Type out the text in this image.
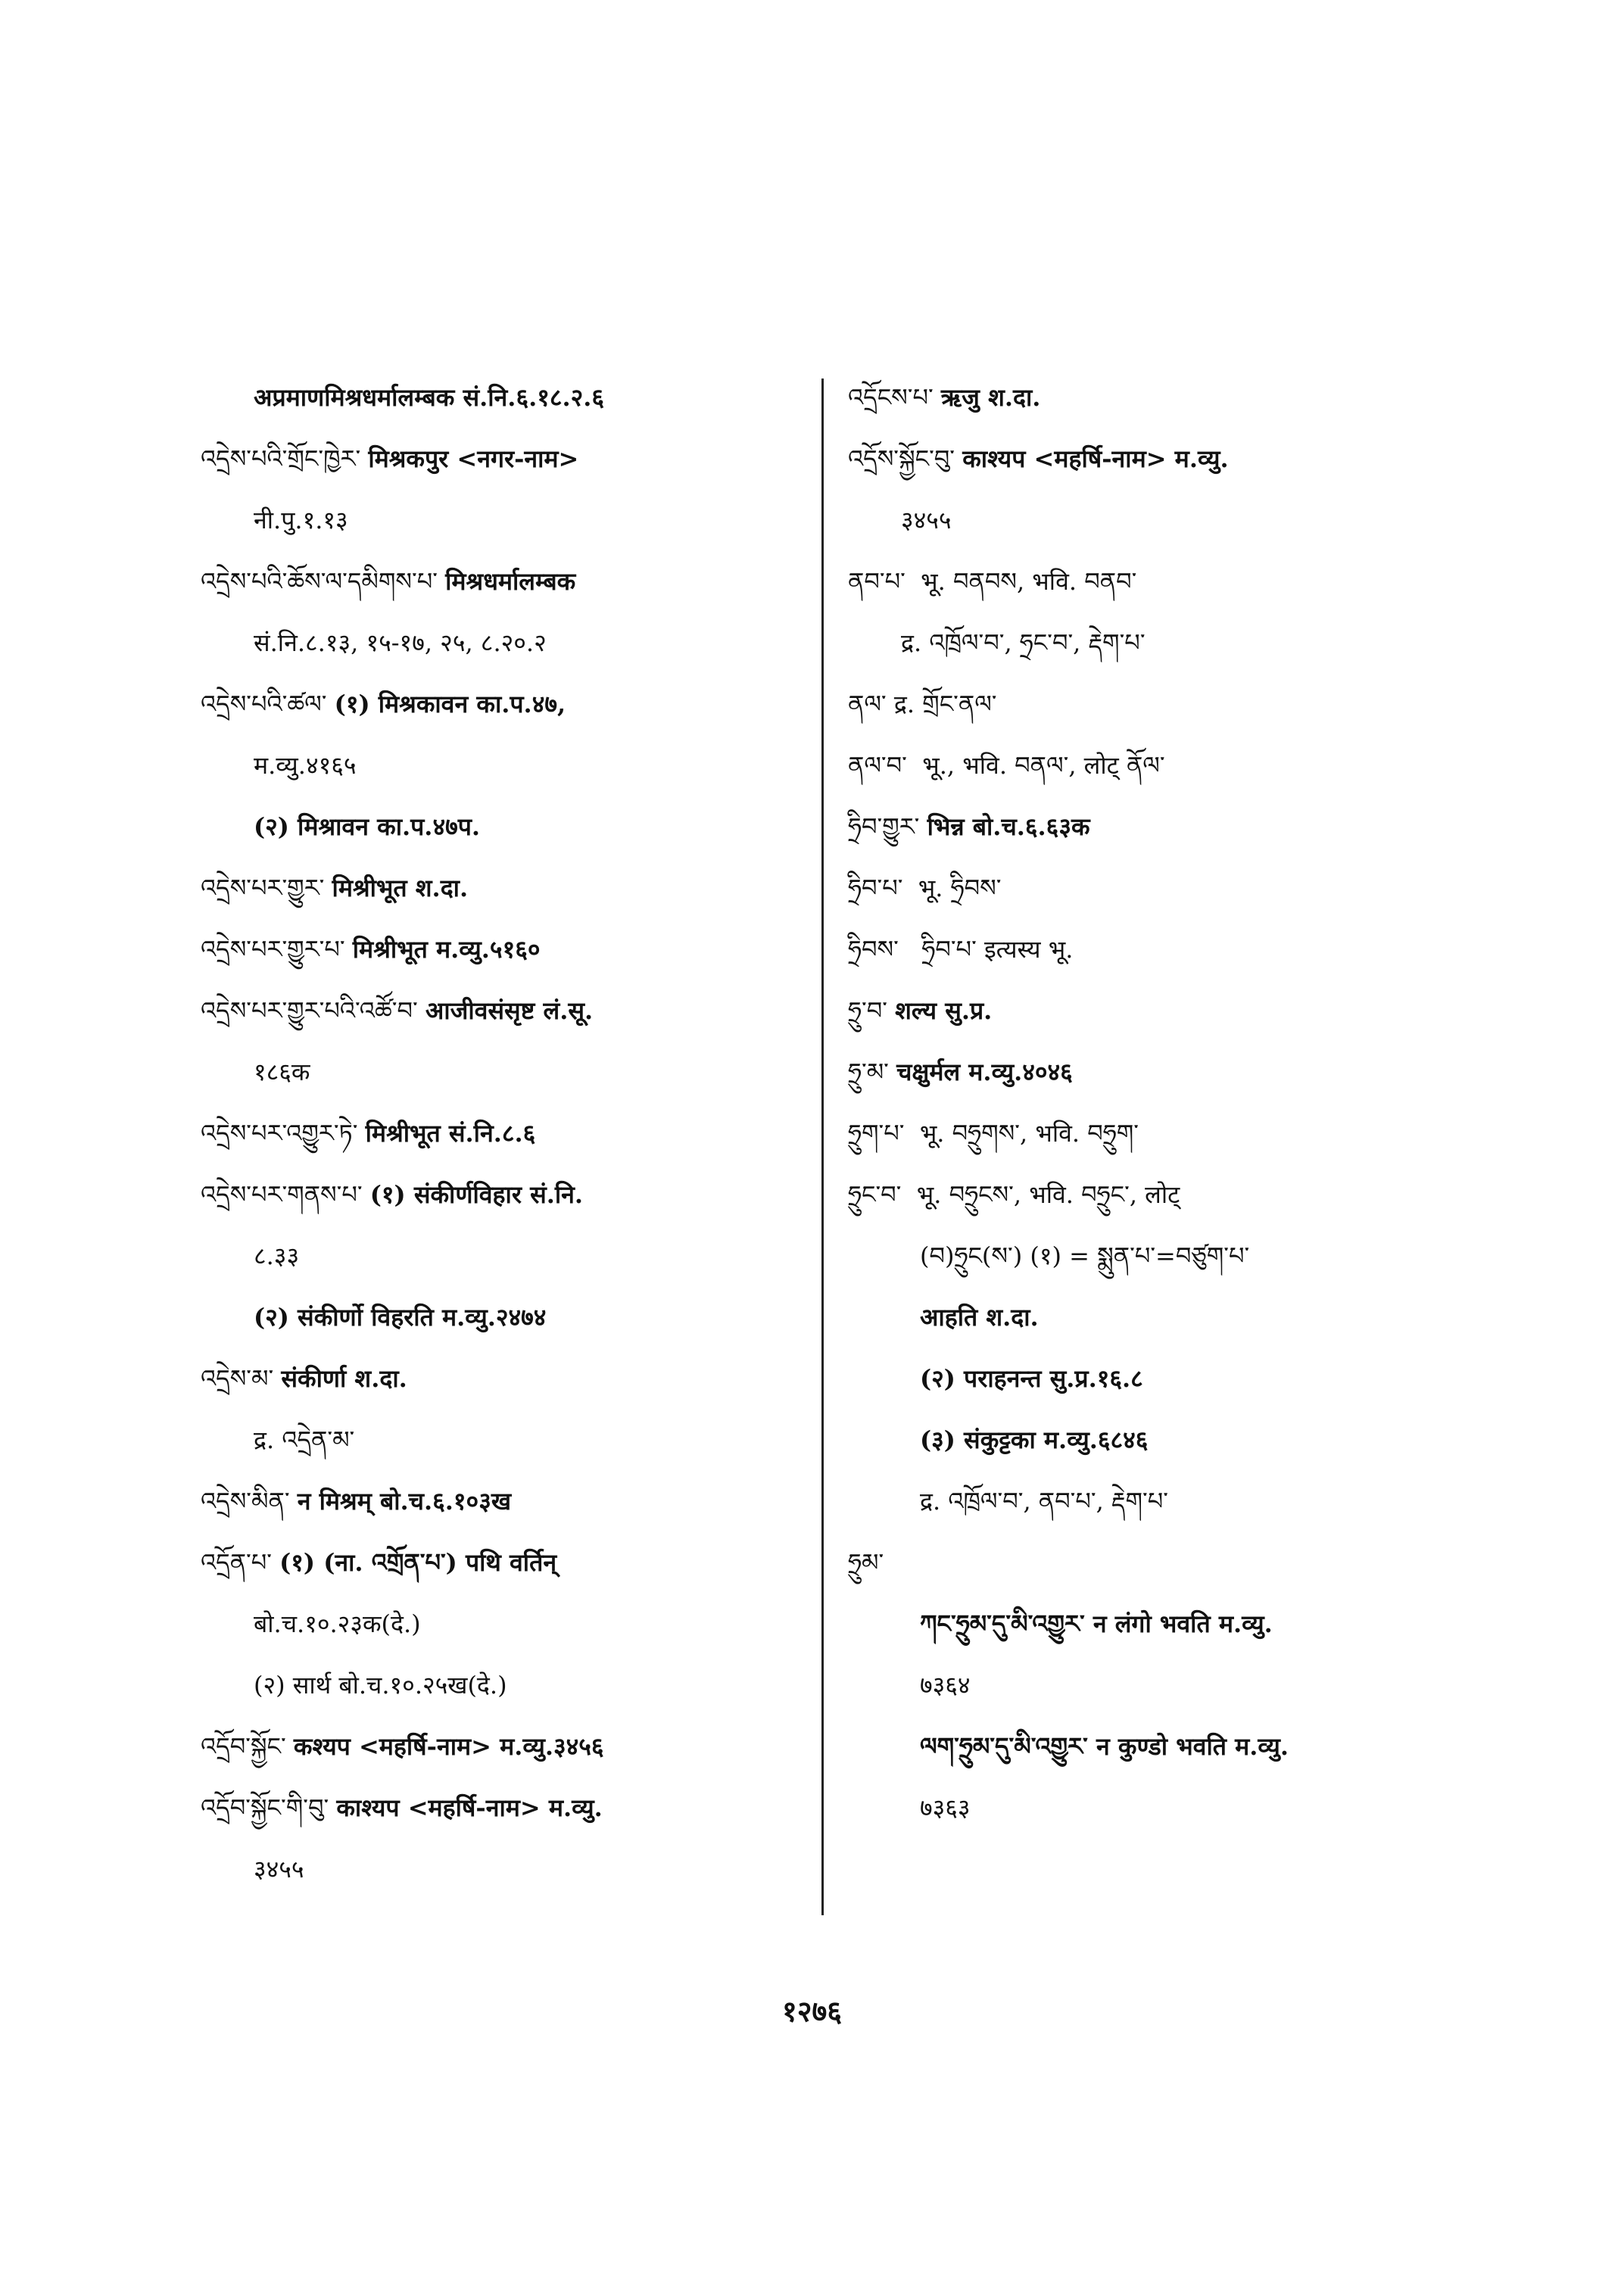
अप्रमाणमिश्रधर्मालम्बक सं.नि.६.१८.२.६
འདྲེས་པའི་གྲོང་ཁྱེར་ मिश्रकपुर <नगर-नाम>
नी.पु.१.१३
འདྲེས་པའི་ཆོས་ལ་དམིགས་པ་ मिश्रधर्मालम्बक
सं.नि.८.१३, १५-१७, २५, ८.२०.२
འདྲེས་པའི་ཚལ་ (१) मिश्रकावन का.प.४७,
म.व्यु.४१६५
(२) मिश्रावन का.प.४७प.
འདྲེས་པར་གྱུར་ मिश्रीभूत श.दा.
འདྲེས་པར་གྱུར་པ་ मिश्रीभूत म.व्यु.५१६०
འདྲེས་པར་གྱུར་པའི་འཚོ་བ་ आजीवसंसृष्ट लं.सू.
१८६क
འདྲེས་པར་འགྱུར་ཏེ་ मिश्रीभूत सं.नि.८.६
འདྲེས་པར་གནས་པ་ (१) संकीर्णविहार सं.नि.
८.३३
(२) संकीर्णो विहरति म.व्यु.२४७४
འདྲེས་མ་ संकीर्णा श.दा.
द्र. འདྲེན་མ་
འདྲེས་མིན་ न मिश्रम् बो.च.६.१०३ख
འདྲོན་པ་ (१) (ना. འགྲོན་པ་) पथि वर्तिन्
बो.च.१०.२३क(दे.)
(२) सार्थ बो.च.१०.२५ख(दे.)
འདྲོབ་སྐྱོང་ कश्यप <महर्षि-नाम> म.व्यु.३४५६
འདྲོབ་སྐྱོང་གི་བུ་ काश्यप <महर्षि-नाम> म.व्यु.
३४५५
འདྲོངས་པ་ ऋजु श.दा.
འདྲོས་སྐྱོང་བུ་ काश्यप <महर्षि-नाम> म.व्यु.
३४५५
ནབ་པ་ भू. བནབས, भवि. བནབ་
द्र. འཁྲོལ་བ་, ཧྲང་བ་, རྡེག་པ་
ནལ་ द्र. གྲོང་ནལ་
ནལ་བ་ भू., भवि. བནལ་, लोट् ནོལ་
ཧྲིབ་གྱུར་ भिन्न बो.च.६.६३क
ཧྲིབ་པ་ भू. ཧྲིབས་
ཧྲིབས་ ཧྲིབ་པ་ इत्यस्य भू.
ཧྲུ་བ་ शल्य सु.प्र.
ཧྲུ་མ་ चक्षुर्मल म.व्यु.४०४६
ཧྲུག་པ་ भू. བཧྲུགས་, भवि. བཧྲུག་
ཧྲུང་བ་ भू. བཧྲུངས་, भवि. བཧྲུང་, लोट्
(བ)ཧྲུང(ས་) (१) = སྨུན་པ་=བཙུག་པ་
आहति श.दा.
(२) पराहनन्त सु.प्र.१६.८
(३) संकुट्टका म.व्यु.६८४६
द्र. འཁྲོལ་བ་, ནབ་པ་, རྡེག་པ་
ཧྲུམ་
ཀང་ཧྲུམ་དུ་མི་འགྱུར་ न लंगो भवति म.व्यु.
७३६४
ལག་ཧྲུམ་དུ་མི་འགྱུར་ न कुण्डो भवति म.व्यु.
७३६३
१२७६
